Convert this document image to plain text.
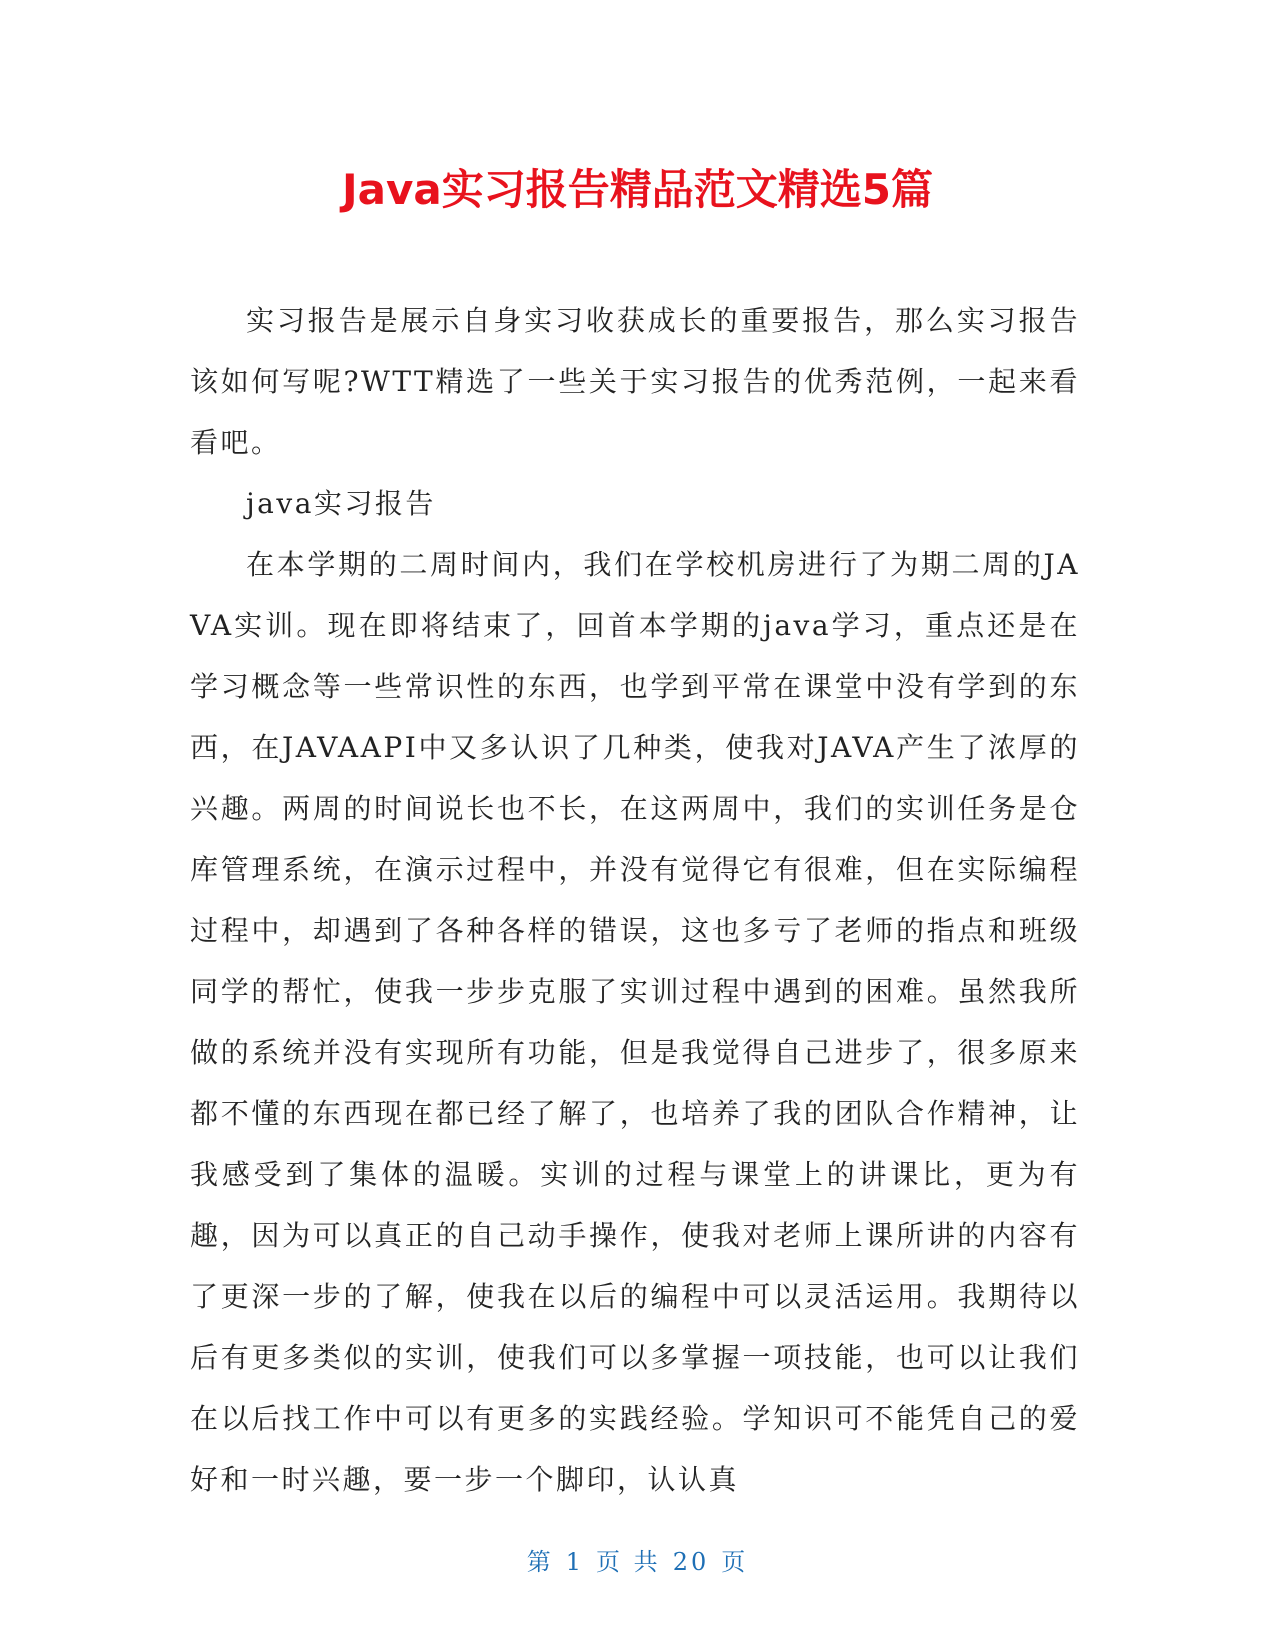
Java实习报告精品范文精选5篇

实习报告是展示自身实习收获成长的重要报告，那么实习报告该如何写呢?WTT精选了一些关于实习报告的优秀范例，一起来看看吧。

java实习报告

在本学期的二周时间内，我们在学校机房进行了为期二周的JAVA实训。现在即将结束了，回首本学期的java学习，重点还是在学习概念等一些常识性的东西，也学到平常在课堂中没有学到的东西，在JAVAAPI中又多认识了几种类，使我对JAVA产生了浓厚的兴趣。两周的时间说长也不长，在这两周中，我们的实训任务是仓库管理系统，在演示过程中，并没有觉得它有很难，但在实际编程过程中，却遇到了各种各样的错误，这也多亏了老师的指点和班级同学的帮忙，使我一步步克服了实训过程中遇到的困难。虽然我所做的系统并没有实现所有功能，但是我觉得自己进步了，很多原来都不懂的东西现在都已经了解了，也培养了我的团队合作精神，让我感受到了集体的温暖。实训的过程与课堂上的讲课比，更为有趣，因为可以真正的自己动手操作，使我对老师上课所讲的内容有了更深一步的了解，使我在以后的编程中可以灵活运用。我期待以后有更多类似的实训，使我们可以多掌握一项技能，也可以让我们在以后找工作中可以有更多的实践经验。学知识可不能凭自己的爱好和一时兴趣，要一步一个脚印，认认真

第 1 页 共 20 页
